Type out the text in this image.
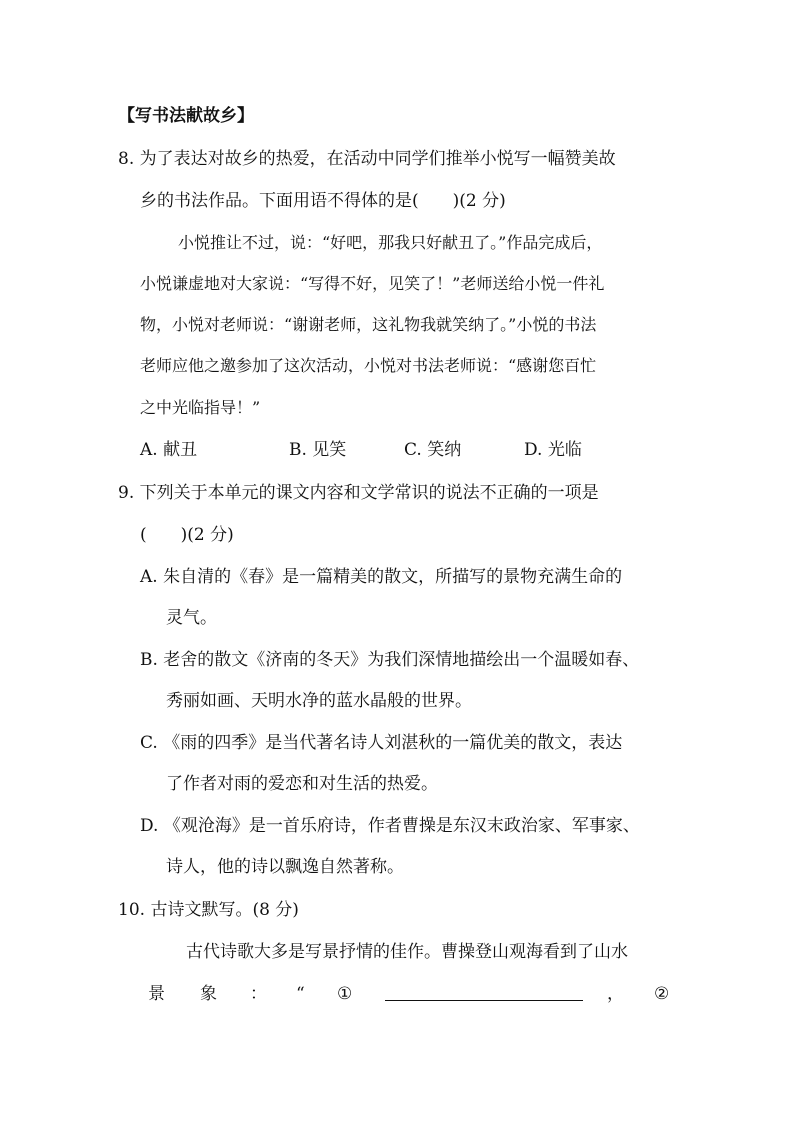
【写书法献故乡】
8. 为了表达对故乡的热爱，在活动中同学们推举小悦写一幅赞美故
乡的书法作品。下面用语不得体的是(　　)(2 分)
小悦推让不过，说：“好吧，那我只好献丑了。”作品完成后，
小悦谦虚地对大家说：“写得不好，见笑了！”老师送给小悦一件礼
物，小悦对老师说：“谢谢老师，这礼物我就笑纳了。”小悦的书法
老师应他之邀参加了这次活动，小悦对书法老师说：“感谢您百忙
之中光临指导！”
A. 献丑	B. 见笑	C. 笑纳	D. 光临
9. 下列关于本单元的课文内容和文学常识的说法不正确的一项是
(　　)(2 分)
A. 朱自清的《春》是一篇精美的散文，所描写的景物充满生命的
灵气。
B. 老舍的散文《济南的冬天》为我们深情地描绘出一个温暖如春、
秀丽如画、天明水净的蓝水晶般的世界。
C. 《雨的四季》是当代著名诗人刘湛秋的一篇优美的散文，表达
了作者对雨的爱恋和对生活的热爱。
D. 《观沧海》是一首乐府诗，作者曹操是东汉末政治家、军事家、
诗人，他的诗以飘逸自然著称。
10. 古诗文默写。(8 分)
古代诗歌大多是写景抒情的佳作。曹操登山观海看到了山水
景 象 ： “ ①	， ②
